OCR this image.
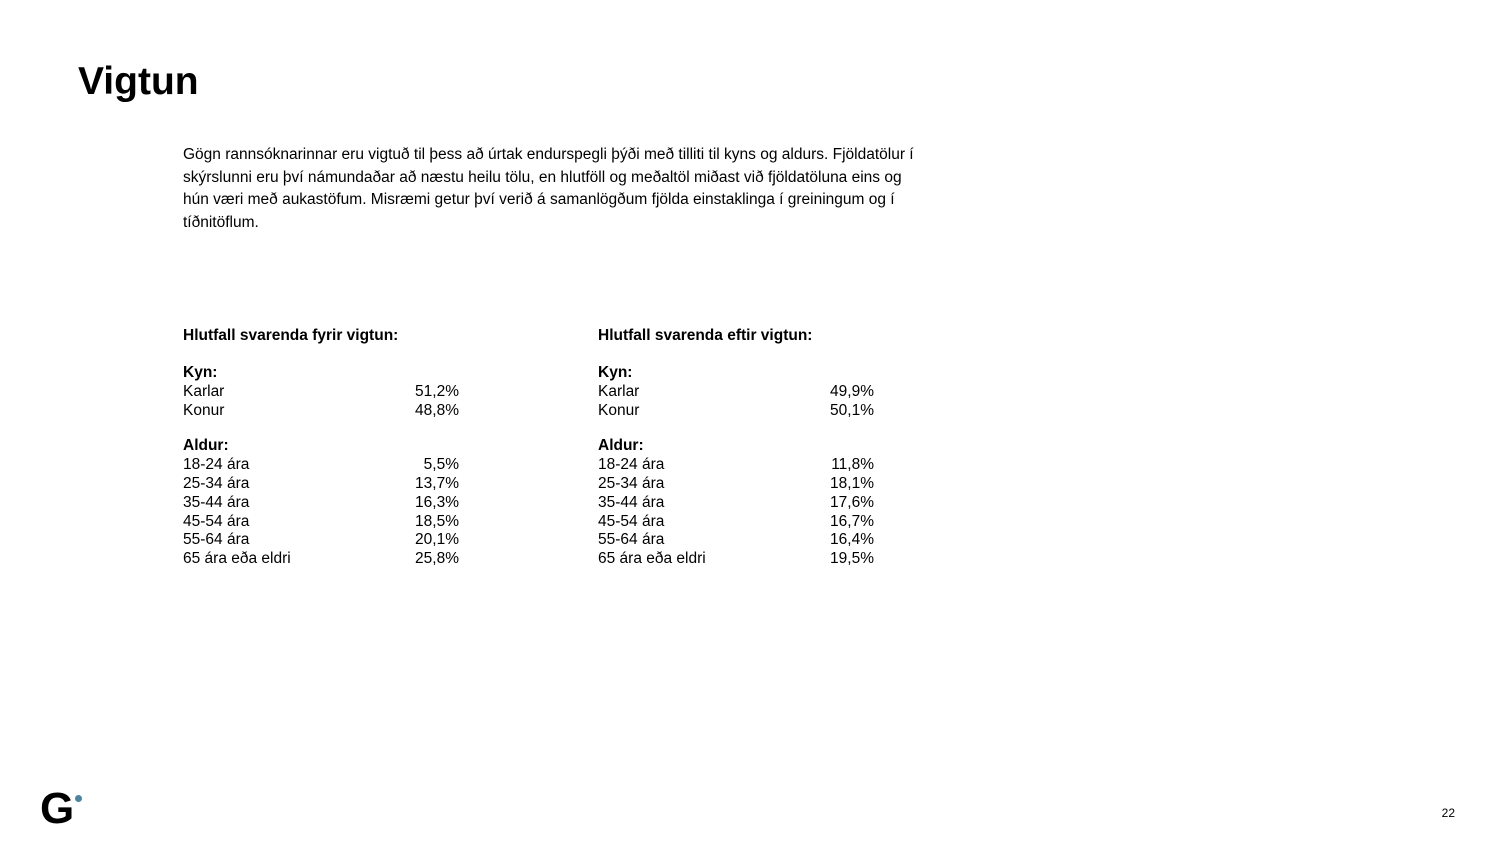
Vigtun
Gögn rannsóknarinnar eru vigtuð til þess að úrtak endurspegli þýði með tilliti til kyns og aldurs. Fjöldatölur í
skýrslunni eru því námundaðar að næstu heilu tölu, en hlutföll og meðaltöl miðast við fjöldatöluna eins og
hún væri með aukastöfum. Misræmi getur því verið á samanlögðum fjölda einstaklinga í greiningum og í
tíðnitöflum.
Hlutfall svarenda fyrir vigtun:
Kyn:
Karlar	51,2%
Konur	48,8%
Aldur:
18-24 ára	5,5%
25-34 ára	13,7%
35-44 ára	16,3%
45-54 ára	18,5%
55-64 ára	20,1%
65 ára eða eldri	25,8%
Hlutfall svarenda eftir vigtun:
Kyn:
Karlar	49,9%
Konur	50,1%
Aldur:
18-24 ára	11,8%
25-34 ára	18,1%
35-44 ára	17,6%
45-54 ára	16,7%
55-64 ára	16,4%
65 ára eða eldri	19,5%
G	22
